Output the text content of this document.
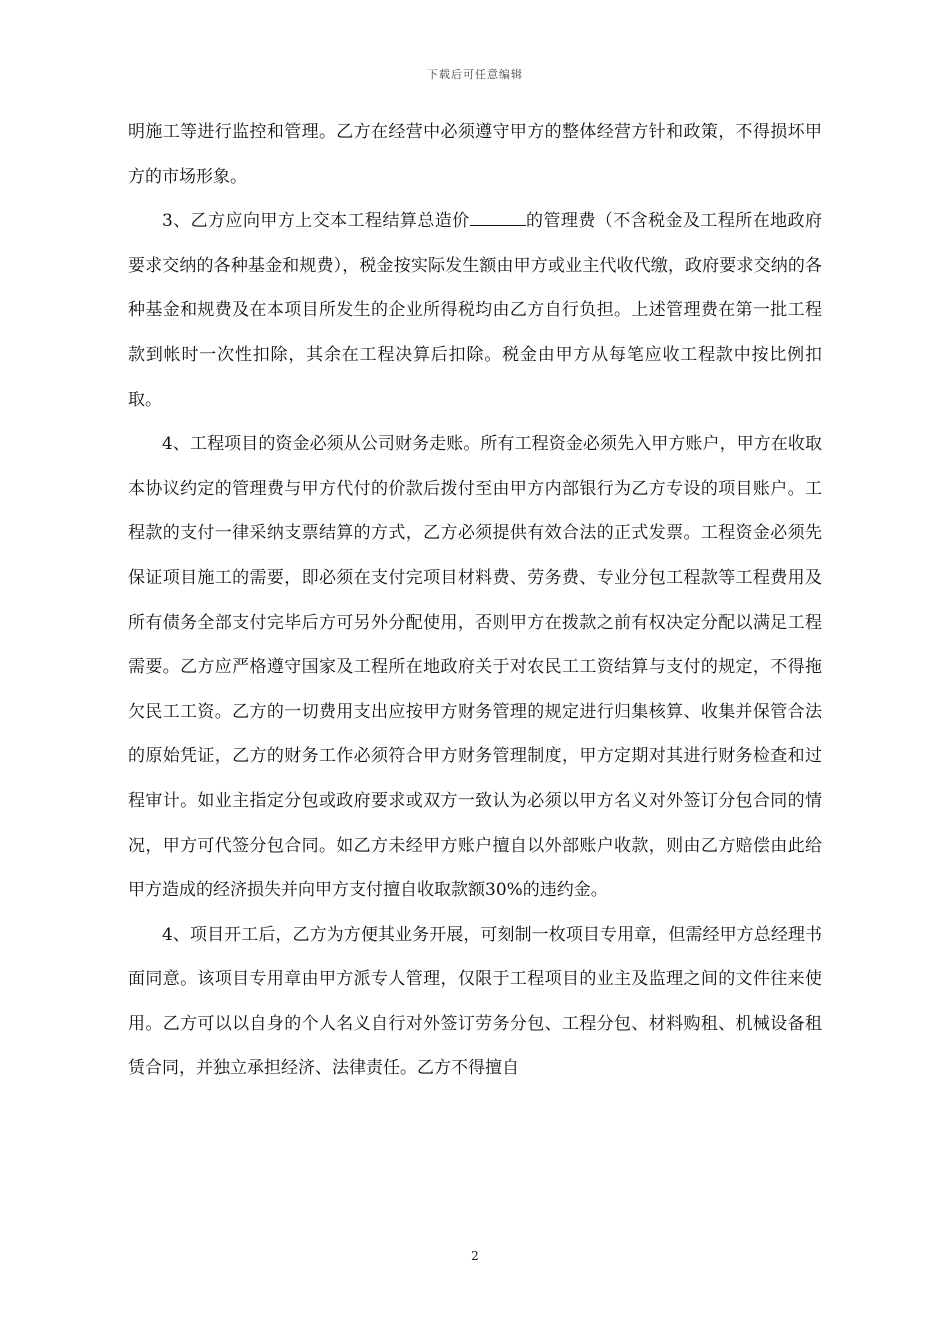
下载后可任意编辑

明施工等进行监控和管理。乙方在经营中必须遵守甲方的整体经营方针和政策，不得损坏甲方的市场形象。

3、乙方应向甲方上交本工程结算总造价	的管理费（不含税金及工程所在地政府要求交纳的各种基金和规费），税金按实际发生额由甲方或业主代收代缴，政府要求交纳的各种基金和规费及在本项目所发生的企业所得税均由乙方自行负担。上述管理费在第一批工程款到帐时一次性扣除，其余在工程决算后扣除。税金由甲方从每笔应收工程款中按比例扣取。

4、工程项目的资金必须从公司财务走账。所有工程资金必须先入甲方账户，甲方在收取本协议约定的管理费与甲方代付的价款后拨付至由甲方内部银行为乙方专设的项目账户。工程款的支付一律采纳支票结算的方式，乙方必须提供有效合法的正式发票。工程资金必须先保证项目施工的需要，即必须在支付完项目材料费、劳务费、专业分包工程款等工程费用及所有债务全部支付完毕后方可另外分配使用，否则甲方在拨款之前有权决定分配以满足工程需要。乙方应严格遵守国家及工程所在地政府关于对农民工工资结算与支付的规定，不得拖欠民工工资。乙方的一切费用支出应按甲方财务管理的规定进行归集核算、收集并保管合法的原始凭证，乙方的财务工作必须符合甲方财务管理制度，甲方定期对其进行财务检查和过程审计。如业主指定分包或政府要求或双方一致认为必须以甲方名义对外签订分包合同的情况，甲方可代签分包合同。如乙方未经甲方账户擅自以外部账户收款，则由乙方赔偿由此给甲方造成的经济损失并向甲方支付擅自收取款额30%的违约金。

4、项目开工后，乙方为方便其业务开展，可刻制一枚项目专用章，但需经甲方总经理书面同意。该项目专用章由甲方派专人管理，仅限于工程项目的业主及监理之间的文件往来使用。乙方可以以自身的个人名义自行对外签订劳务分包、工程分包、材料购租、机械设备租赁合同，并独立承担经济、法律责任。乙方不得擅自

2
